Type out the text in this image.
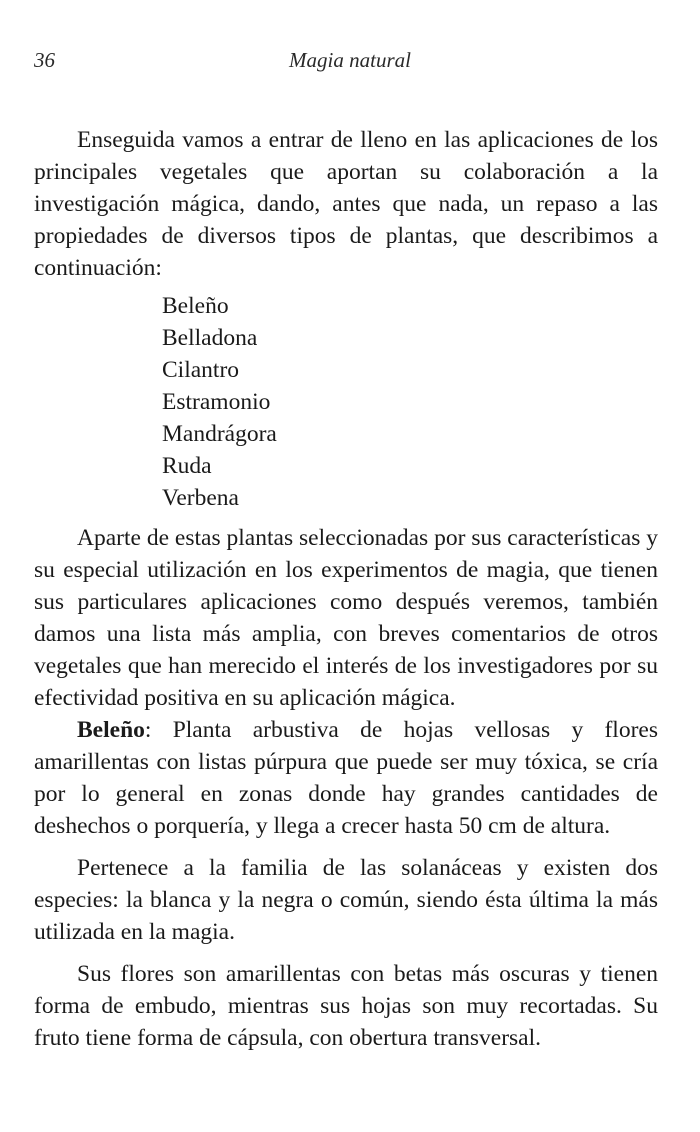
36	Magia natural

Enseguida vamos a entrar de lleno en las aplicaciones de los principales vegetales que aportan su colaboración a la investigación mágica, dando, antes que nada, un repaso a las propiedades de diversos tipos de plantas, que describimos a continuación:

Beleño
Belladona
Cilantro
Estramonio
Mandrágora
Ruda
Verbena

Aparte de estas plantas seleccionadas por sus características y su especial utilización en los experimentos de magia, que tienen sus particulares aplicaciones como después veremos, también damos una lista más amplia, con breves comentarios de otros vegetales que han merecido el interés de los investigadores por su efectividad positiva en su aplicación mágica.

Beleño: Planta arbustiva de hojas vellosas y flores amarillentas con listas púrpura que puede ser muy tóxica, se cría por lo general en zonas donde hay grandes cantidades de deshechos o porquería, y llega a crecer hasta 50 cm de altura.

Pertenece a la familia de las solanáceas y existen dos especies: la blanca y la negra o común, siendo ésta última la más utilizada en la magia.

Sus flores son amarillentas con betas más oscuras y tienen forma de embudo, mientras sus hojas son muy recortadas. Su fruto tiene forma de cápsula, con obertura transversal.
